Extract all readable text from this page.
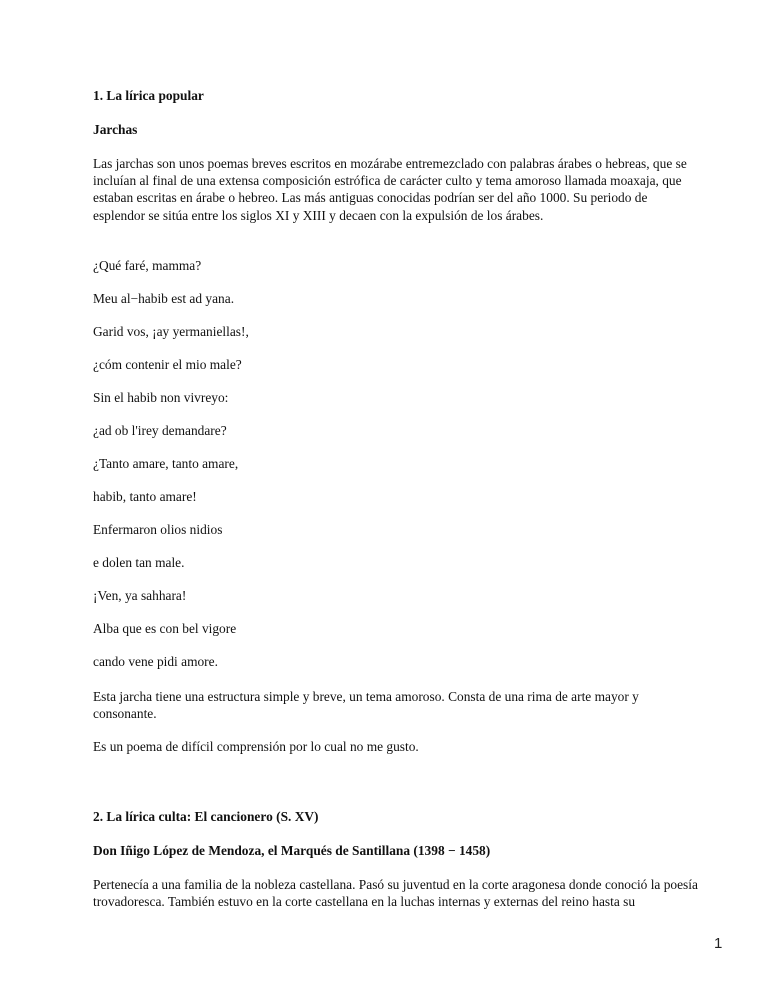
1. La lírica popular

Jarchas

Las jarchas son unos poemas breves escritos en mozárabe entremezclado con palabras árabes o hebreas, que se incluían al final de una extensa composición estrófica de carácter culto y tema amoroso llamada moaxaja, que estaban escritas en árabe o hebreo. Las más antiguas conocidas podrían ser del año 1000. Su periodo de esplendor se sitúa entre los siglos XI y XIII y decaen con la expulsión de los árabes.

¿Qué faré, mamma?

Meu al−habib est ad yana.

Garid vos, ¡ay yermaniellas!,

¿cóm contenir el mio male?

Sin el habib non vivreyo:

¿ad ob l'irey demandare?

¿Tanto amare, tanto amare,

habib, tanto amare!

Enfermaron olios nidios

e dolen tan male.

¡Ven, ya sahhara!

Alba que es con bel vigore

cando vene pidi amore.

Esta jarcha tiene una estructura simple y breve, un tema amoroso. Consta de una rima de arte mayor y consonante.

Es un poema de difícil comprensión por lo cual no me gusto.

2. La lírica culta: El cancionero (S. XV)

Don Iñigo López de Mendoza, el Marqués de Santillana (1398 − 1458)

Pertenecía a una familia de la nobleza castellana. Pasó su juventud en la corte aragonesa donde conoció la poesía trovadoresca. También estuvo en la corte castellana en la luchas internas y externas del reino hasta su

1
